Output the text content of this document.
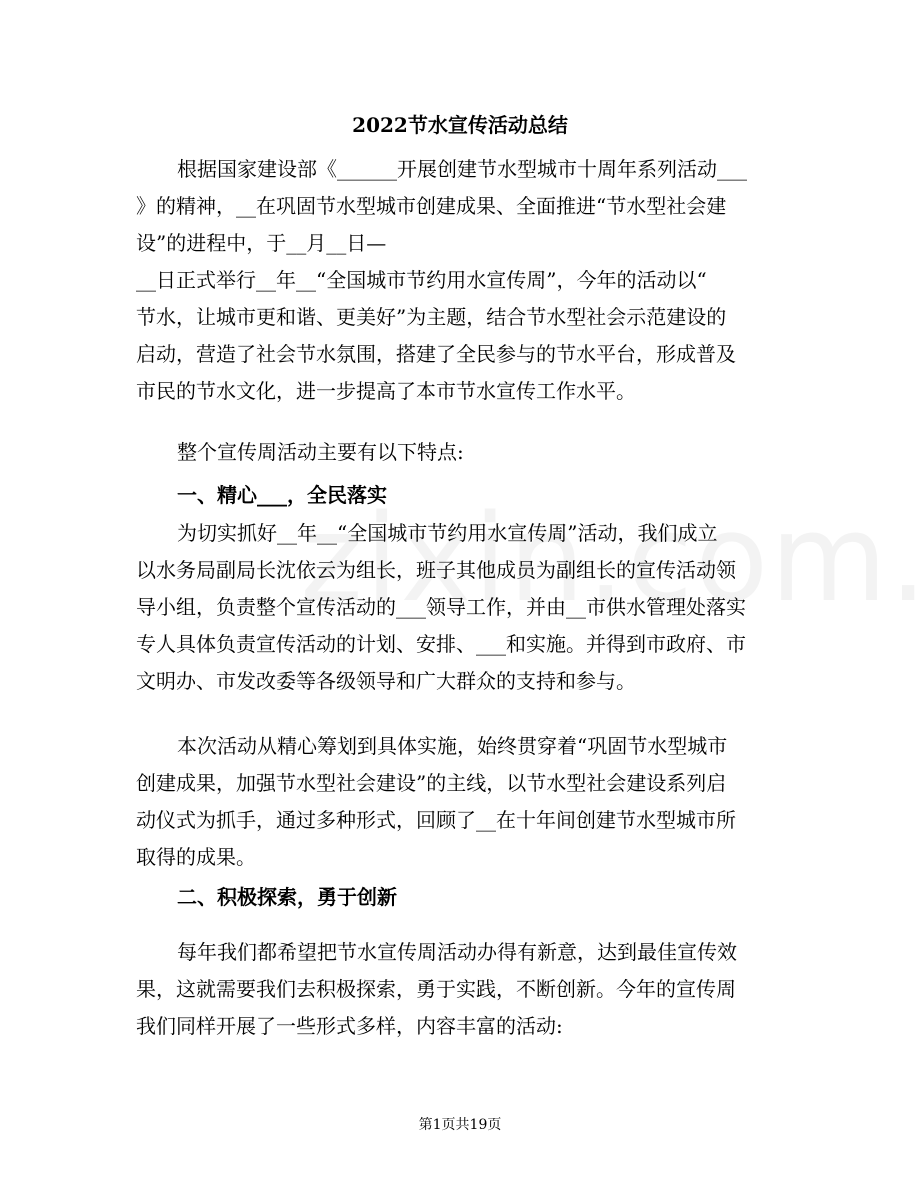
2022节水宣传活动总结
根据国家建设部《______开展创建节水型城市十周年系列活动___
》的精神，__在巩固节水型城市创建成果、全面推进“节水型社会建
设”的进程中，于__月__日—
__日正式举行__年__“全国城市节约用水宣传周”，今年的活动以“
节水，让城市更和谐、更美好”为主题，结合节水型社会示范建设的
启动，营造了社会节水氛围，搭建了全民参与的节水平台，形成普及
市民的节水文化，进一步提高了本市节水宣传工作水平。
整个宣传周活动主要有以下特点:
一、精心___，全民落实
为切实抓好__年__“全国城市节约用水宣传周”活动，我们成立
以水务局副局长沈依云为组长，班子其他成员为副组长的宣传活动领
导小组，负责整个宣传活动的___领导工作，并由__市供水管理处落实
专人具体负责宣传活动的计划、安排、___和实施。并得到市政府、市
文明办、市发改委等各级领导和广大群众的支持和参与。
本次活动从精心筹划到具体实施，始终贯穿着“巩固节水型城市
创建成果，加强节水型社会建设”的主线，以节水型社会建设系列启
动仪式为抓手，通过多种形式，回顾了__在十年间创建节水型城市所
取得的成果。
二、积极探索，勇于创新
每年我们都希望把节水宣传周活动办得有新意，达到最佳宣传效
果，这就需要我们去积极探索，勇于实践，不断创新。今年的宣传周
我们同样开展了一些形式多样，内容丰富的活动:
第1页共19页
